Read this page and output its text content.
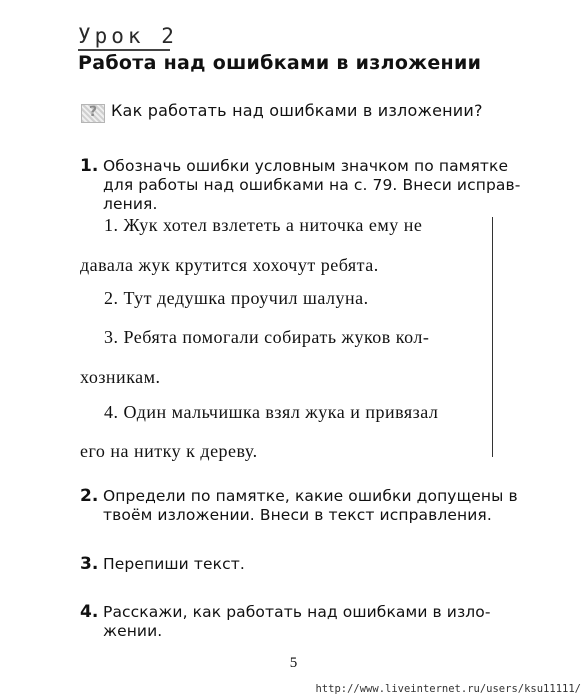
Урок 2
Работа над ошибками в изложении
? Как работать над ошибками в изложении?
1. Обозначь ошибки условным значком по памятке
для работы над ошибками на с. 79. Внеси исправ-
ления.
1. Жук хотел взлететь а ниточка ему не
давала жук крутится хохочут ребята.
2. Тут дедушка проучил шалуна.
3. Ребята помогали собирать жуков кол-
хозникам.
4. Один мальчишка взял жука и привязал
его на нитку к дереву.
2. Определи по памятке, какие ошибки допущены в
твоём изложении. Внеси в текст исправления.
3. Перепиши текст.
4. Расскажи, как работать над ошибками в изло-
жении.
5
http://www.liveinternet.ru/users/ksu11111/
